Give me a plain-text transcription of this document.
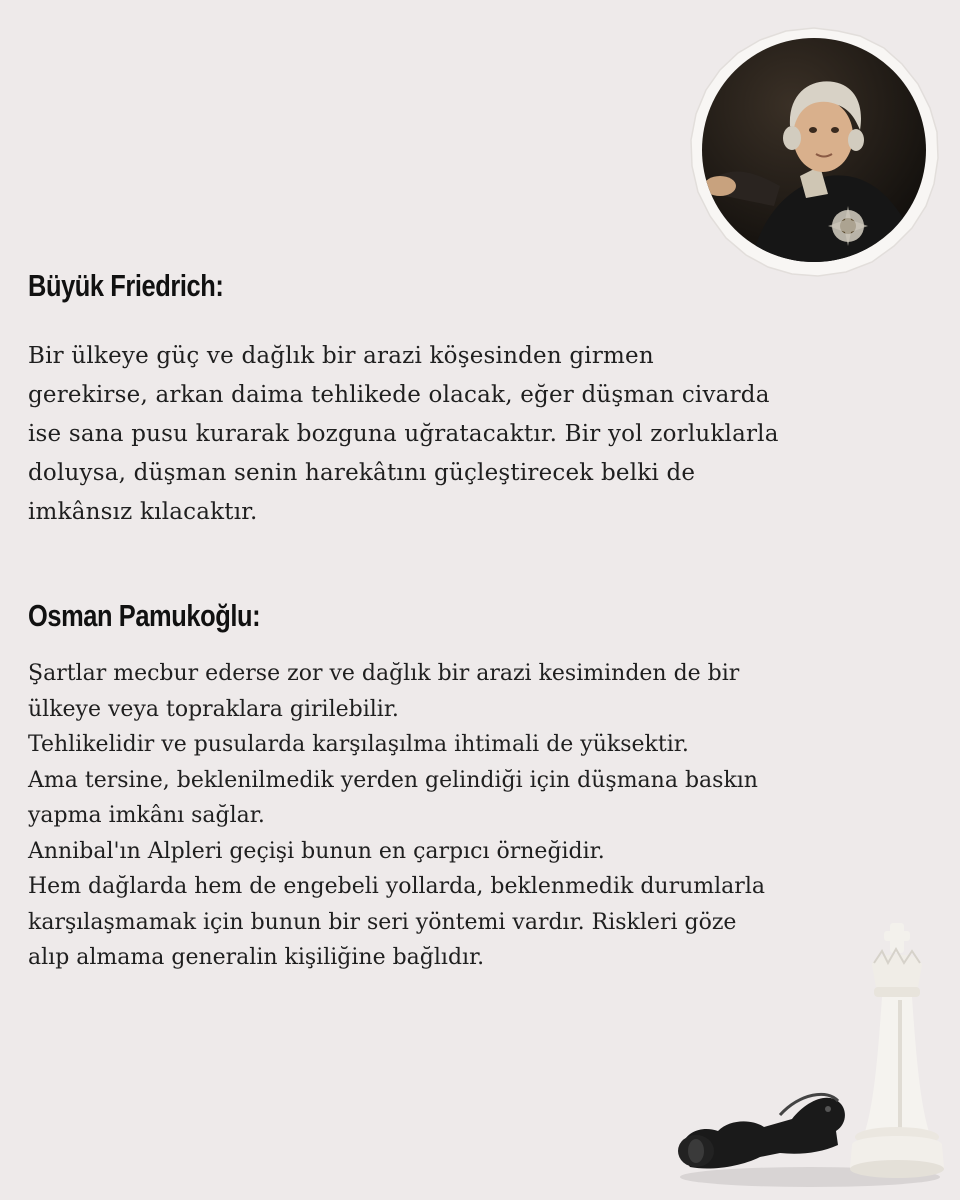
Büyük Friedrich:

Bir ülkeye güç ve dağlık bir arazi köşesinden girmen
gerekirse, arkan daima tehlikede olacak, eğer düşman civarda
ise sana pusu kurarak bozguna uğratacaktır. Bir yol zorluklarla
doluysa, düşman senin harekâtını güçleştirecek belki de
imkânsız kılacaktır.

Osman Pamukoğlu:

Şartlar mecbur ederse zor ve dağlık bir arazi kesiminden de bir
ülkeye veya topraklara girilebilir.
Tehlikelidir ve pusularda karşılaşılma ihtimali de yüksektir.
Ama tersine, beklenilmedik yerden gelindiği için düşmana baskın
yapma imkânı sağlar.
Annibal'ın Alpleri geçişi bunun en çarpıcı örneğidir.
Hem dağlarda hem de engebeli yollarda, beklenmedik durumlarla
karşılaşmamak için bunun bir seri yöntemi vardır. Riskleri göze
alıp almama generalin kişiliğine bağlıdır.
